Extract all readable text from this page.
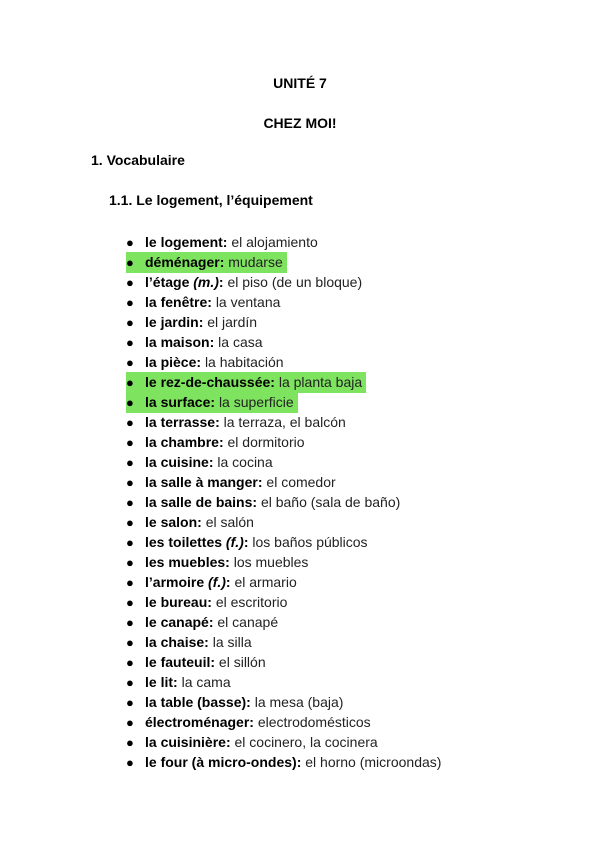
UNITÉ 7
CHEZ MOI!
1. Vocabulaire
1.1. Le logement, l’équipement
● le logement: el alojamiento
● déménager: mudarse
● l’étage (m.): el piso (de un bloque)
● la fenêtre: la ventana
● le jardin: el jardín
● la maison: la casa
● la pièce: la habitación
● le rez-de-chaussée: la planta baja
● la surface: la superficie
● la terrasse: la terraza, el balcón
● la chambre: el dormitorio
● la cuisine: la cocina
● la salle à manger: el comedor
● la salle de bains: el baño (sala de baño)
● le salon: el salón
● les toilettes (f.): los baños públicos
● les muebles: los muebles
● l’armoire (f.): el armario
● le bureau: el escritorio
● le canapé: el canapé
● la chaise: la silla
● le fauteuil: el sillón
● le lit: la cama
● la table (basse): la mesa (baja)
● électroménager: electrodomésticos
● la cuisinière: el cocinero, la cocinera
● le four (à micro-ondes): el horno (microondas)
